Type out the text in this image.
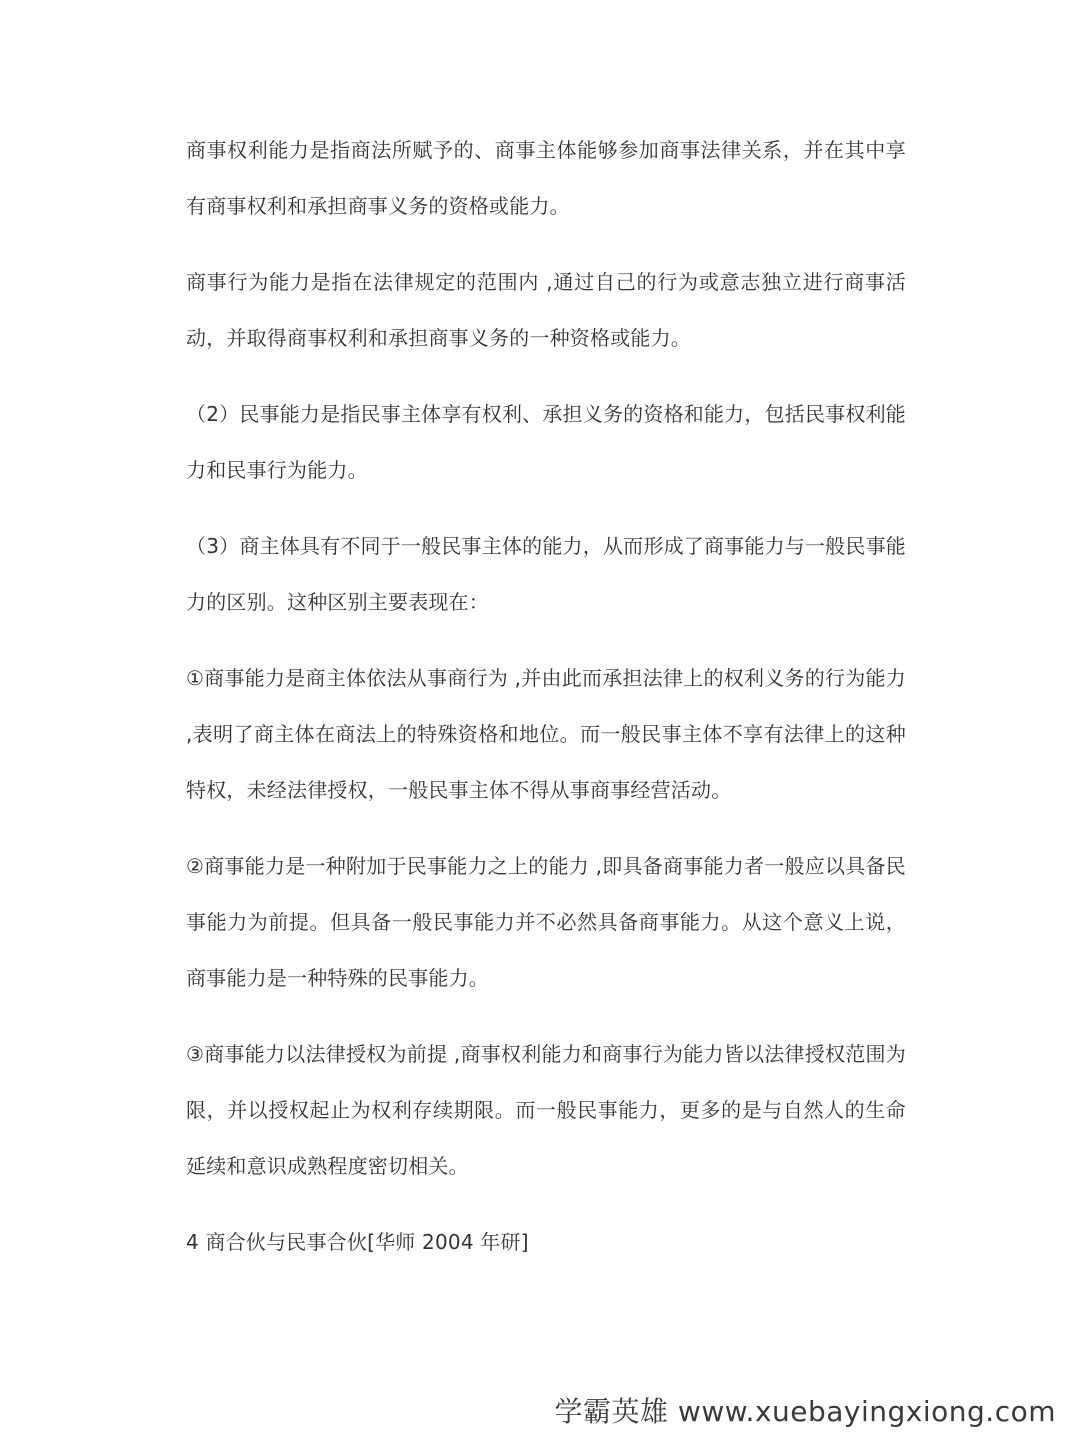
商事权利能力是指商法所赋予的、商事主体能够参加商事法律关系，并在其中享有商事权利和承担商事义务的资格或能力。

商事行为能力是指在法律规定的范围内 ,通过自己的行为或意志独立进行商事活动，并取得商事权利和承担商事义务的一种资格或能力。

（2）民事能力是指民事主体享有权利、承担义务的资格和能力，包括民事权利能力和民事行为能力。

（3）商主体具有不同于一般民事主体的能力，从而形成了商事能力与一般民事能力的区别。这种区别主要表现在：

①商事能力是商主体依法从事商行为 ,并由此而承担法律上的权利义务的行为能力 ,表明了商主体在商法上的特殊资格和地位。而一般民事主体不享有法律上的这种特权，未经法律授权，一般民事主体不得从事商事经营活动。

②商事能力是一种附加于民事能力之上的能力 ,即具备商事能力者一般应以具备民事能力为前提。但具备一般民事能力并不必然具备商事能力。从这个意义上说，商事能力是一种特殊的民事能力。

③商事能力以法律授权为前提 ,商事权利能力和商事行为能力皆以法律授权范围为限，并以授权起止为权利存续期限。而一般民事能力，更多的是与自然人的生命延续和意识成熟程度密切相关。

4 商合伙与民事合伙[华师 2004 年研]

学霸英雄 www.xuebayingxiong.com
